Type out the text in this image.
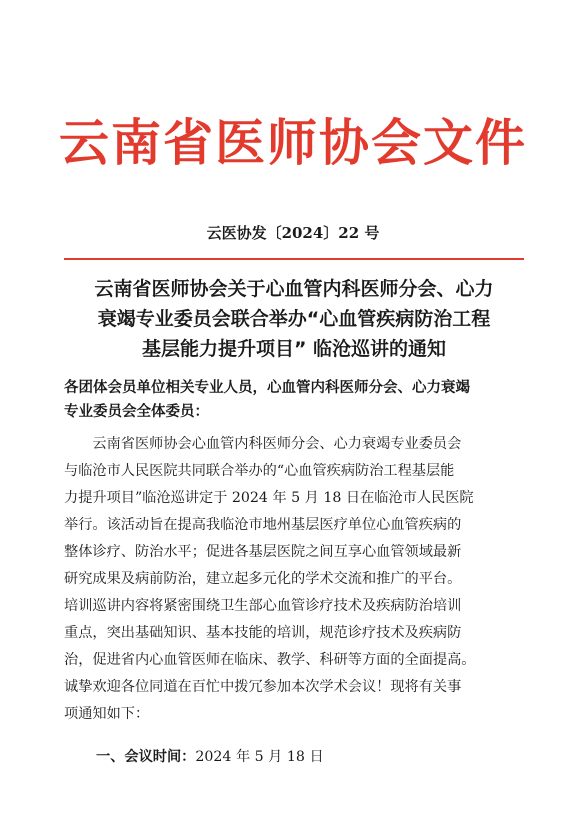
云南省医师协会文件
云医协发〔2024〕22 号
云南省医师协会关于心血管内科医师分会、心力
衰竭专业委员会联合举办“心血管疾病防治工程
基层能力提升项目” 临沧巡讲的通知
各团体会员单位相关专业人员，心血管内科医师分会、心力衰竭
专业委员会全体委员：
　　云南省医师协会心血管内科医师分会、心力衰竭专业委员会
与临沧市人民医院共同联合举办的“心血管疾病防治工程基层能
力提升项目”临沧巡讲定于 2024 年 5 月 18 日在临沧市人民医院
举行。该活动旨在提高我临沧市地州基层医疗单位心血管疾病的
整体诊疗、防治水平；促进各基层医院之间互享心血管领域最新
研究成果及病前防治，建立起多元化的学术交流和推广的平台。
培训巡讲内容将紧密围绕卫生部心血管诊疗技术及疾病防治培训
重点，突出基础知识、基本技能的培训，规范诊疗技术及疾病防
治，促进省内心血管医师在临床、教学、科研等方面的全面提高。
诚挚欢迎各位同道在百忙中拨冗参加本次学术会议！现将有关事
项通知如下：
一、会议时间：2024 年 5 月 18 日
